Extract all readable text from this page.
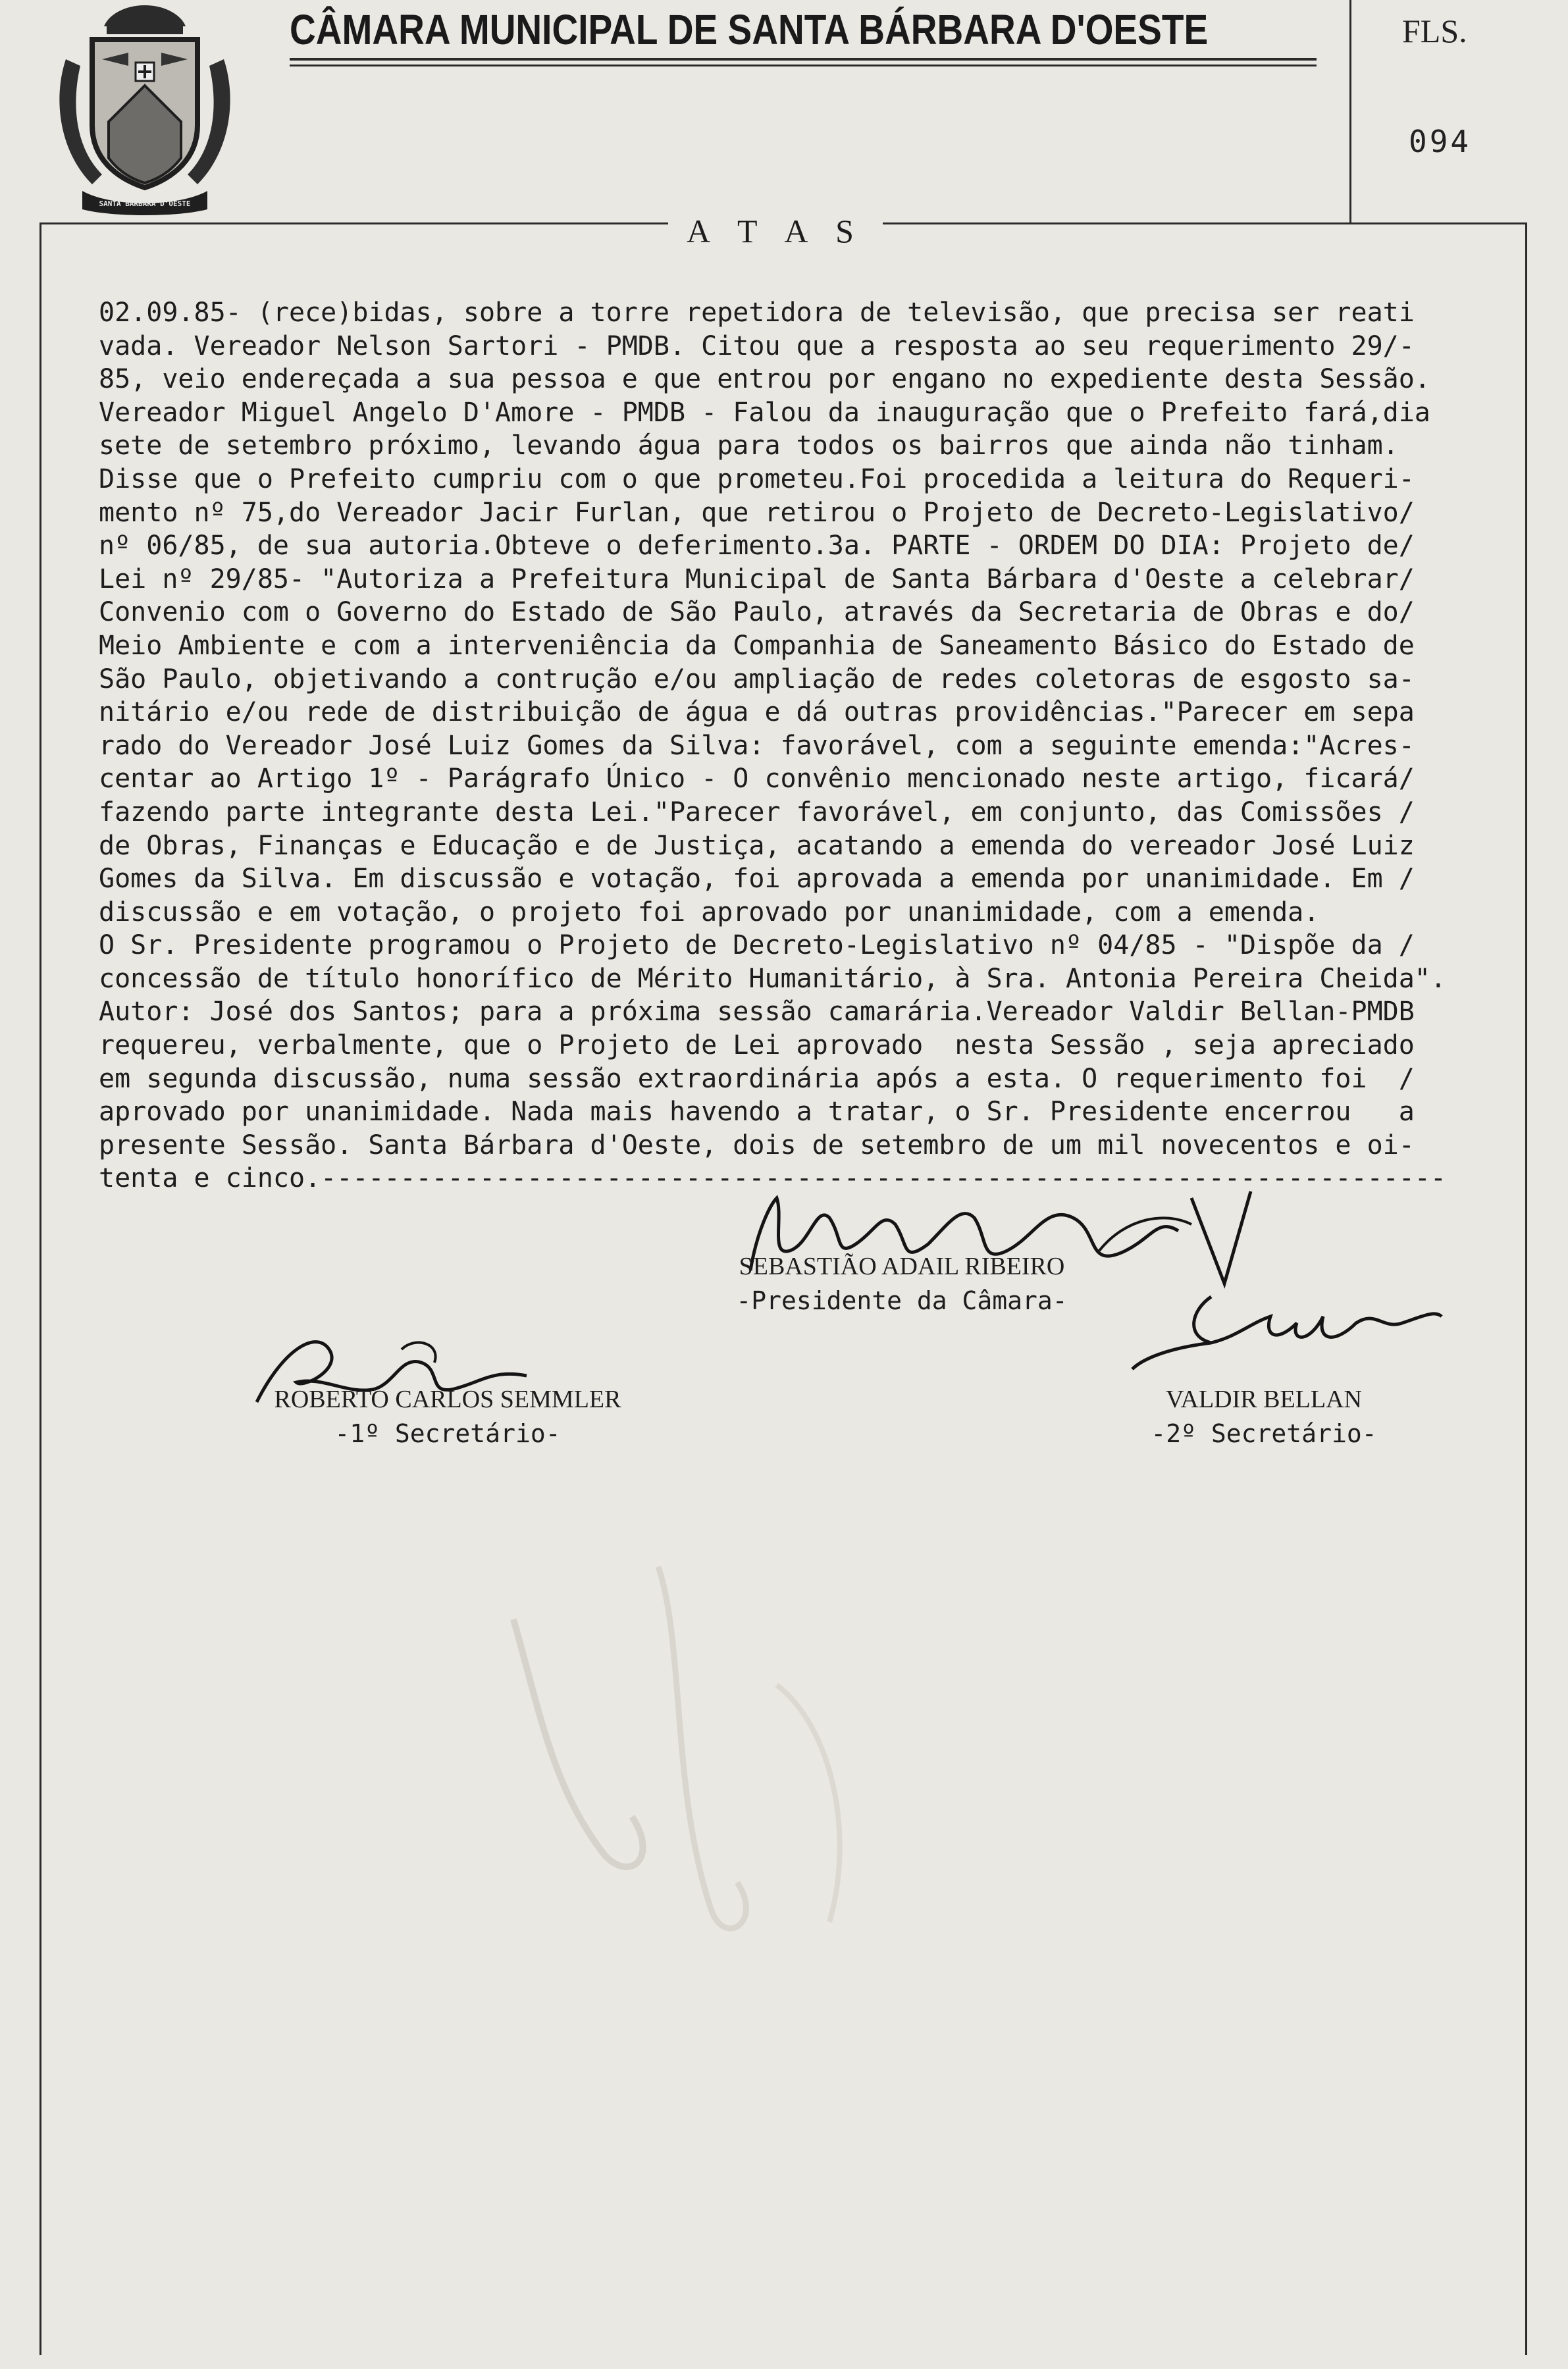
SANTA BARBARA D'OESTE
CÂMARA MUNICIPAL DE SANTA BÁRBARA D'OESTE	FLS.
094
A T A S
02.09.85- (rece)bidas, sobre a torre repetidora de televisão, que precisa ser reati
vada. Vereador Nelson Sartori - PMDB. Citou que a resposta ao seu requerimento 29/-
85, veio endereçada a sua pessoa e que entrou por engano no expediente desta Sessão.
Vereador Miguel Angelo D'Amore - PMDB - Falou da inauguração que o Prefeito fará,dia
sete de setembro próximo, levando água para todos os bairros que ainda não tinham.
Disse que o Prefeito cumpriu com o que prometeu.Foi procedida a leitura do Requeri-
mento nº 75,do Vereador Jacir Furlan, que retirou o Projeto de Decreto-Legislativo/
nº 06/85, de sua autoria.Obteve o deferimento.3a. PARTE - ORDEM DO DIA: Projeto de/
Lei nº 29/85- "Autoriza a Prefeitura Municipal de Santa Bárbara d'Oeste a celebrar/
Convenio com o Governo do Estado de São Paulo, através da Secretaria de Obras e do/
Meio Ambiente e com a interveniência da Companhia de Saneamento Básico do Estado de
São Paulo, objetivando a contrução e/ou ampliação de redes coletoras de esgosto sa-
nitário e/ou rede de distribuição de água e dá outras providências."Parecer em sepa
rado do Vereador José Luiz Gomes da Silva: favorável, com a seguinte emenda:"Acres-
centar ao Artigo 1º - Parágrafo Único - O convênio mencionado neste artigo, ficará/
fazendo parte integrante desta Lei."Parecer favorável, em conjunto, das Comissões /
de Obras, Finanças e Educação e de Justiça, acatando a emenda do vereador José Luiz
Gomes da Silva. Em discussão e votação, foi aprovada a emenda por unanimidade. Em /
discussão e em votação, o projeto foi aprovado por unanimidade, com a emenda.
O Sr. Presidente programou o Projeto de Decreto-Legislativo nº 04/85 - "Dispõe da /
concessão de título honorífico de Mérito Humanitário, à Sra. Antonia Pereira Cheida".
Autor: José dos Santos; para a próxima sessão camarária.Vereador Valdir Bellan-PMDB
requereu, verbalmente, que o Projeto de Lei aprovado  nesta Sessão , seja apreciado
em segunda discussão, numa sessão extraordinária após a esta. O requerimento foi  /
aprovado por unanimidade. Nada mais havendo a tratar, o Sr. Presidente encerrou   a
presente Sessão. Santa Bárbara d'Oeste, dois de setembro de um mil novecentos e oi-
tenta e cinco.-----------------------------------------------------------------------
SEBASTIÃO ADAIL RIBEIRO
-Presidente da Câmara-
ROBERTO CARLOS SEMMLER
-1º Secretário-
VALDIR BELLAN
-2º Secretário-
